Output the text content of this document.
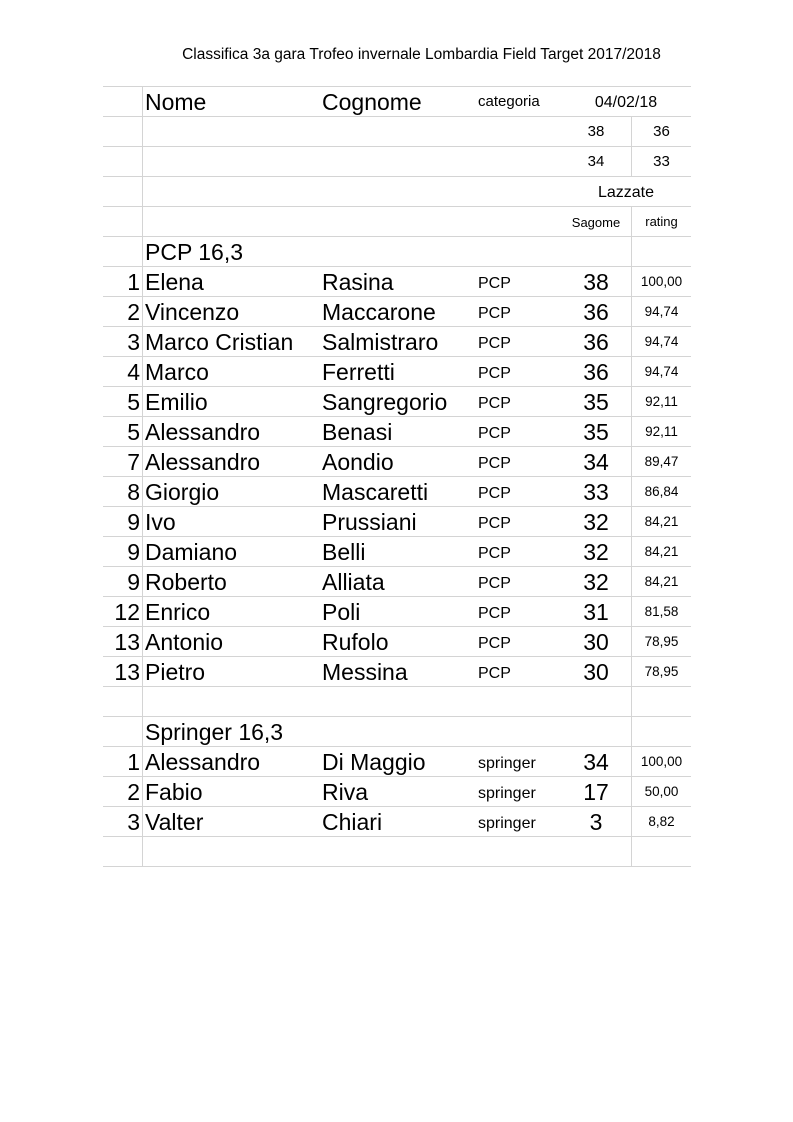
Classifica 3a gara Trofeo invernale Lombardia Field Target 2017/2018
	Nome	Cognome	categoria	04/02/18	
				38	36
				34	33
				Lazzate	
				Sagome	rating
	PCP 16,3				
1	Elena	Rasina	PCP	38	100,00
2	Vincenzo	Maccarone	PCP	36	94,74
3	Marco Cristian	Salmistraro	PCP	36	94,74
4	Marco	Ferretti	PCP	36	94,74
5	Emilio	Sangregorio	PCP	35	92,11
5	Alessandro	Benasi	PCP	35	92,11
7	Alessandro	Aondio	PCP	34	89,47
8	Giorgio	Mascaretti	PCP	33	86,84
9	Ivo	Prussiani	PCP	32	84,21
9	Damiano	Belli	PCP	32	84,21
9	Roberto	Alliata	PCP	32	84,21
12	Enrico	Poli	PCP	31	81,58
13	Antonio	Rufolo	PCP	30	78,95
13	Pietro	Messina	PCP	30	78,95

	Springer 16,3				
1	Alessandro	Di Maggio	springer	34	100,00
2	Fabio	Riva	springer	17	50,00
3	Valter	Chiari	springer	3	8,82
